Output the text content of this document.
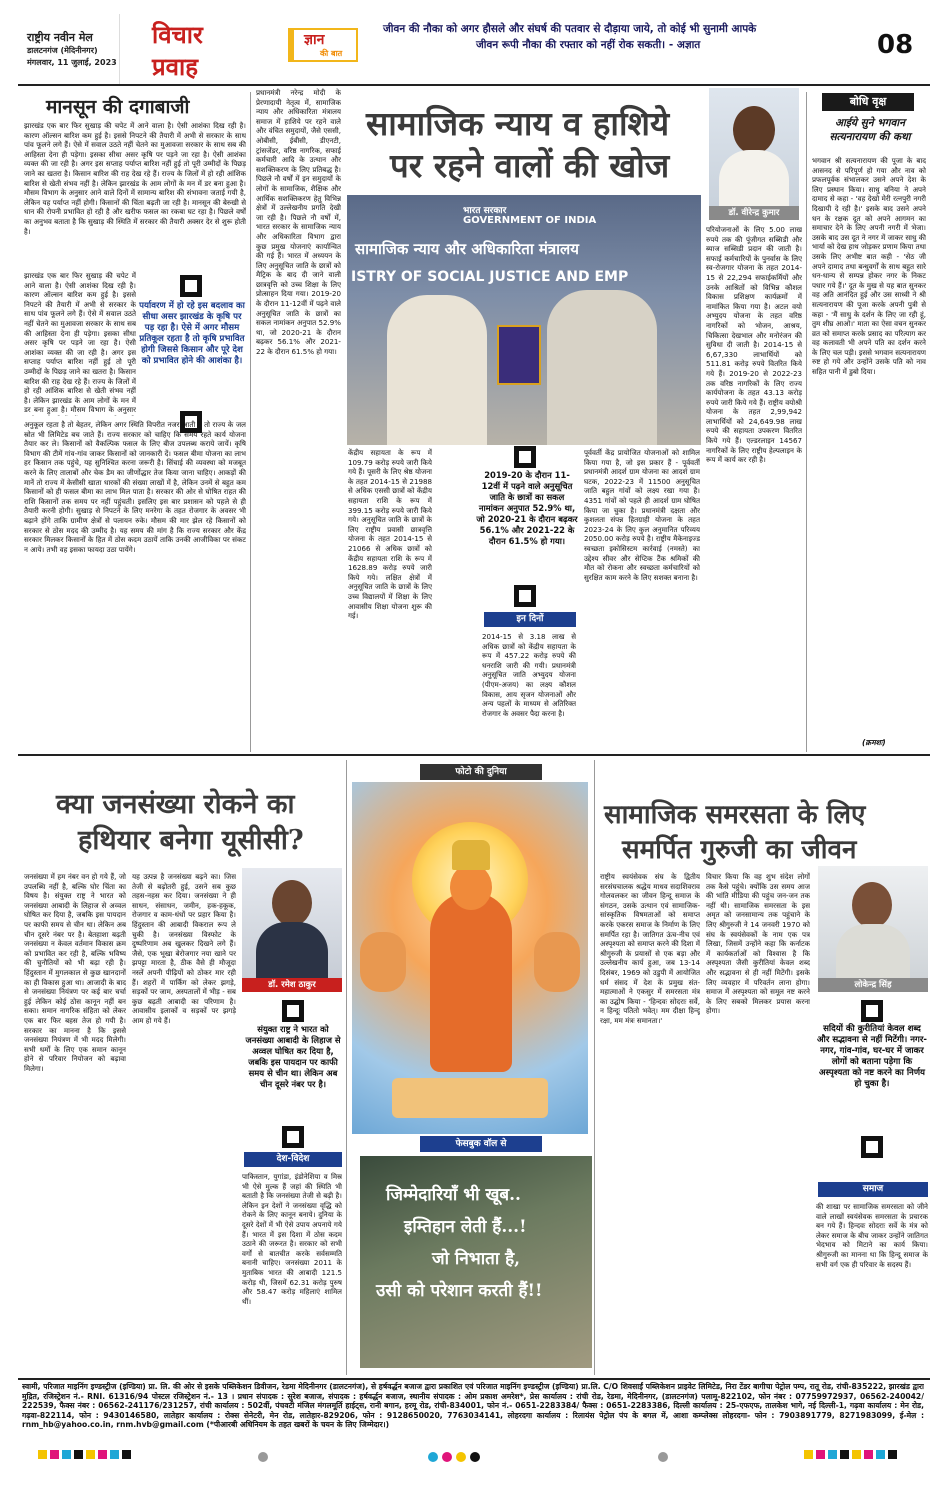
राष्ट्रीय नवीन मेल
डालटनगंज (मेदिनीनगर)
मंगलवार, 11 जुलाई, 2023
विचार
प्रवाह
ज्ञान
की बात
जीवन की नौका को अगर हौसले और संघर्ष की पतवार से दौड़ाया जाये, तो कोई भी सुनामी आपके
जीवन रूपी नौका की रफ्तार को नहीं रोक सकती। - अज्ञात	08
मानसून की दगाबाजी
झारखंड एक बार फिर सुखाड़ की चपेट में आने वाला है। ऐसी आशंका दिख रही है। कारण ऑल्सन बारिश कम हुई है। इससे निपटने की तैयारी में अभी से सरकार के साथ पांव फूलने लगे हैं। ऐसे में सवाल उठते नहीं चेतने का मुआवजा सरकार के साथ सब की आहिस्ता देना ही पड़ेगा। इसका सीधा असर कृषि पर पड़ने जा रहा है। ऐसी आशंका व्यक्त की जा रही है। अगर इस सप्ताह पर्याप्त बारिश नहीं हुई तो पूरी उम्मीदों के पिछड़ जाने का खतरा है। किसान बारिश की राह देख रहे हैं। राज्य के जिलों में हो रही आंशिक बारिश से खेती संभव नहीं है। लेकिन झारखंड के आम लोगों के मन में डर बना हुआ है। मौसम विभाग के अनुसार आने वाले दिनों में सामान्य बारिश की संभावना जताई गयी है, लेकिन यह पर्याप्त नहीं होगी। किसानों की चिंता बढ़ती जा रही है। मानसून की बेरुखी से धान की रोपनी प्रभावित हो रही है और खरीफ फसल का रकबा घट रहा है। पिछले वर्षों का अनुभव बताता है कि सुखाड़ की स्थिति में सरकार की तैयारी अक्सर देर से शुरू होती है।
झारखंड एक बार फिर सुखाड़ की चपेट में आने वाला है। ऐसी आशंका दिख रही है। कारण ऑल्सन बारिश कम हुई है। इससे निपटने की तैयारी में अभी से सरकार के साथ पांव फूलने लगे हैं। ऐसे में सवाल उठते नहीं चेतने का मुआवजा सरकार के साथ सब की आहिस्ता देना ही पड़ेगा। इसका सीधा असर कृषि पर पड़ने जा रहा है। ऐसी आशंका व्यक्त की जा रही है। अगर इस सप्ताह पर्याप्त बारिश नहीं हुई तो पूरी उम्मीदों के पिछड़ जाने का खतरा है। किसान बारिश की राह देख रहे हैं। राज्य के जिलों में हो रही आंशिक बारिश से खेती संभव नहीं है। लेकिन झारखंड के आम लोगों के मन में डर बना हुआ है। मौसम विभाग के अनुसार
पर्यावरण में हो रहे इस बदलाव का सीधा असर झारखंड के कृषि पर पड़ रहा है। ऐसे में अगर मौसम प्रतिकूल रहता है तो कृषि प्रभावित होगी जिससे किसान और पूरे देश को प्रभावित होने की आशंका है।
अनुकूल रहता है तो बेहतर, लेकिन अगर स्थिति विपरीत नजर आती है तो राज्य के जल स्रोत भी लिमिटेड बच जाते हैं। राज्य सरकार को चाहिए कि समय रहते कार्य योजना तैयार कर ले। किसानों को वैकल्पिक फसल के लिए बीज उपलब्ध कराये जायें। कृषि विभाग की टीमें गांव-गांव जाकर किसानों को जानकारी दें। फसल बीमा योजना का लाभ हर किसान तक पहुंचे, यह सुनिश्चित करना जरूरी है। सिंचाई की व्यवस्था को मजबूत करने के लिए तालाबों और चेक डैम का जीर्णोद्धार तेज किया जाना चाहिए। आकड़ों की मानें तो राज्य में केसीसी खाता धारकों की संख्या लाखों में है, लेकिन उनमें से बहुत कम किसानों को ही फसल बीमा का लाभ मिल पाता है। सरकार की ओर से घोषित राहत की राशि किसानों तक समय पर नहीं पहुंचती। इसलिए इस बार प्रशासन को पहले से ही तैयारी करनी होगी। सुखाड़ से निपटने के लिए मनरेगा के तहत रोजगार के अवसर भी बढ़ाने होंगे ताकि ग्रामीण क्षेत्रों से पलायन रुके। मौसम की मार झेल रहे किसानों को सरकार से ठोस मदद की उम्मीद है। यह समय की मांग है कि राज्य सरकार और केंद्र सरकार मिलकर किसानों के हित में ठोस कदम उठायें ताकि उनकी आजीविका पर संकट न आये। तभी वह इसका फायदा उठा पायेंगे।
प्रधानमंत्री नरेन्द्र मोदी के प्रेरणादायी नेतृत्व में, सामाजिक न्याय और अधिकारिता मंत्रालय समाज में हाशिये पर रहने वाले और वंचित समुदायों, जैसे एससी, ओबीसी, ईबीसी, डीएनटी, ट्रांसजेंडर, वरिष्ठ नागरिक, सफाई कर्मचारी आदि के उत्थान और सशक्तिकरण के लिए प्रतिबद्ध है। पिछले नौ वर्षों में इन समुदायों के लोगों के सामाजिक, शैक्षिक और आर्थिक सशक्तिकरण हेतु विभिन्न क्षेत्रों में उल्लेखनीय प्रगति देखी जा रही है। पिछले नौ वर्षों में, भारत सरकार के सामाजिक न्याय और अधिकारिता विभाग द्वारा कुछ प्रमुख योजनाएं कार्यान्वित की गई हैं। भारत में अध्ययन के लिए अनुसूचित जाति के छात्रों को मैट्रिक के बाद दी जाने वाली छात्रवृत्ति को उच्च शिक्षा के लिए प्रोत्साहन दिया गया। 2019-20 के दौरान 11-12वीं में पढ़ने वाले अनुसूचित जाति के छात्रों का सकल नामांकन अनुपात 52.9% था, जो 2020-21 के दौरान बढ़कर 56.1% और 2021-22 के दौरान 61.5% हो गया।
सामाजिक न्याय व हाशिये
पर रहने वालों की खोज
भारत सरकार
GOVERNMENT OF INDIA
सामाजिक न्याय और अधिकारिता मंत्रालय
ISTRY OF SOCIAL JUSTICE AND EMP
केंद्रीय सहायता के रूप में 109.79 करोड़ रुपये जारी किये गये हैं। पूसरी के लिए श्रेष्ठ योजना के तहत 2014-15 से 21988 से अधिक एससी छात्रों को केंद्रीय सहायता राशि के रूप में 399.15 करोड़ रुपये जारी किये गये। अनुसूचित जाति के छात्रों के लिए राष्ट्रीय प्रवासी छात्रवृत्ति योजना के तहत 2014-15 से 21066 से अधिक छात्रों को केंद्रीय सहायता राशि के रूप में 1628.89 करोड़ रुपये जारी किये गये। लक्षित क्षेत्रों में अनुसूचित जाति के छात्रों के लिए उच्च विद्यालयों में शिक्षा के लिए आवासीय शिक्षा योजना शुरू की गई।
2019-20 के दौरान 11-12वीं में पढ़ने वाले अनुसूचित जाति के छात्रों का सकल नामांकन अनुपात 52.9% था, जो 2020-21 के दौरान बढ़कर 56.1% और 2021-22 के दौरान 61.5% हो गया।
इन दिनों
2014-15 से 3.18 लाख से अधिक छात्रों को केंद्रीय सहायता के रूप में 457.22 करोड़ रुपये की धनराशि जारी की गयी। प्रधानमंत्री अनुसूचित जाति अभ्युदय योजना (पीएम-अजय) का लक्ष्य कौशल विकास, आय सृजन योजनाओं और अन्य पहलों के माध्यम से अतिरिक्त रोजगार के अवसर पैदा करना है।
पूर्ववर्ती केंद्र प्रायोजित योजनाओं को शामिल किया गया है, जो इस प्रकार हैं - पूर्ववर्ती प्रधानमंत्री आदर्श ग्राम योजना का आदर्श ग्राम घटक, 2022-23 में 11500 अनुसूचित जाति बहुल गांवों को लक्ष्य रखा गया है। 4351 गांवों को पहले ही आदर्श ग्राम घोषित किया जा चुका है। प्रधानमंत्री दक्षता और कुशलता संपन्न हितग्राही योजना के तहत 2023-24 के लिए कुल अनुमानित परिव्यय 2050.00 करोड़ रुपये है। राष्ट्रीय मैकेनाइज्ड स्वच्छता इकोसिस्टम कार्रवाई (नमस्ते) का उद्देश्य सीवर और सेप्टिक टैंक श्रमिकों की मौत को रोकना और स्वच्छता कर्मचारियों को सुरक्षित काम करने के लिए सशक्त बनाना है।
डॉ. वीरेन्द्र कुमार
परियोजनाओं के लिए 5.00 लाख रुपये तक की पूंजीगत सब्सिडी और ब्याज सब्सिडी प्रदान की जाती है। सफाई कर्मचारियों के पुनर्वास के लिए स्व-रोजगार योजना के तहत 2014-15 से 22,294 सफाईकर्मियों और उनके आश्रितों को विभिन्न कौशल विकास प्रशिक्षण कार्यक्रमों में नामांकित किया गया है। अटल वयो अभ्युदय योजना के तहत वरिष्ठ नागरिकों को भोजन, आश्रय, चिकित्सा देखभाल और मनोरंजन की सुविधा दी जाती है। 2014-15 से 6,67,330 लाभार्थियों को 511.81 करोड़ रुपये वितरित किये गये हैं। 2019-20 से 2022-23 तक वरिष्ठ नागरिकों के लिए राज्य कार्ययोजना के तहत 43.13 करोड़ रुपये जारी किये गये हैं। राष्ट्रीय वयोश्री योजना के तहत 2,99,942 लाभार्थियों को 24,649.98 लाख रुपये की सहायता उपकरण वितरित किये गये हैं। एल्डरलाइन 14567 नागरिकों के लिए राष्ट्रीय हेल्पलाइन के रूप में कार्य कर रही है।
बोधि वृक्ष
आईये सुने भगवान सत्यनारायण की कथा
भगवान श्री सत्यनारायण की पूजा के बाद आसनद से परिपूर्ण हो गया और नाव को प्रफलपूर्वक संभालकर उसने अपने देश के लिए प्रस्थान किया। साधु बनिया ने अपने दामाद से कहा - 'वह देखो मेरी रत्नपुरी नगरी दिखायी दे रही है।' इसके बाद उसने अपने धन के रक्षक दूत को अपने आगमन का समाचार देने के लिए अपनी नगरी में भेजा। उसके बाद उस दूत ने नगर में जाकर साधु की भार्या को देख हाथ जोड़कर प्रणाम किया तथा उसके लिए अभीष्ट बात कही - 'सेठ जी अपने दामाद तथा बन्धुवर्गों के साथ बहुत सारे धन-धान्य से सम्पन्न होकर नगर के निकट पधार गये हैं।' दूत के मुख से यह बात सुनकर वह अति आनंदित हुई और उस साध्वी ने श्री सत्यनारायण की पूजा करके अपनी पुत्री से कहा - 'मैं साधु के दर्शन के लिए जा रही हूं, तुम शीघ्र आओ।' माता का ऐसा वचन सुनकर व्रत को समाप्त करके प्रसाद का परित्याग कर वह कलावती भी अपने पति का दर्शन करने के लिए चल पड़ी। इससे भगवान सत्यनारायण रुष्ट हो गये और उन्होंने उसके पति को नाव सहित पानी में डुबो दिया।
(क्रमशः)
क्या जनसंख्या रोकने का
हथियार बनेगा यूसीसी?
जनसंख्या में हम नंबर वन हो गये हैं, जो उपलब्धि नहीं है, बल्कि घोर चिंता का विषय है। संयुक्त राष्ट्र ने भारत को जनसंख्या आबादी के लिहाज से अव्वल घोषित कर दिया है, जबकि इस पायदान पर काफी समय से चीन था। लेकिन अब चीन दूसरे नंबर पर है। बेतहाशा बढ़ती जनसंख्या न केवल वर्तमान विकास क्रम को प्रभावित कर रही है, बल्कि भविष्य की चुनौतियों को भी बढ़ा रही है। हिंदुस्तान में मुगलकाल से कुछ खानदानों का ही विकास हुआ था। आजादी के बाद से जनसंख्या नियंत्रण पर कई बार चर्चा हुई लेकिन कोई ठोस कानून नहीं बन सका। समान नागरिक संहिता को लेकर एक बार फिर बहस तेज हो गयी है। सरकार का मानना है कि इससे जनसंख्या नियंत्रण में भी मदद मिलेगी। सभी धर्मों के लिए एक समान कानून होने से परिवार नियोजन को बढ़ावा मिलेगा।
यह उत्पन्न है जनसंख्या बढ़ने का। जिस तेजी से बढ़ोतरी हुई, उसने सब कुछ तहस-नहस कर दिया। जनसंख्या ने ही साधन, संसाधन, जमीन, हक-हकूक, रोजगार व काम-धंधों पर प्रहार किया है। हिंदुस्तान की आबादी विकराल रूप ले चुकी है। जनसंख्या विस्फोट के दुष्परिणाम अब खुलकर दिखने लगे हैं। जैसे, एक भूखा बेरोजगार नया खाने पर झपट्टा मारता है, ठीक वैसे ही मौजूदा नस्लें अपनी पीढ़ियों को ठोकर मार रही हैं। शहरों में पार्किंग को लेकर झगड़े, सड़कों पर जाम, अस्पतालों में भीड़ - सब कुछ बढ़ती आबादी का परिणाम है। आवासीय इलाकों व सड़कों पर झगड़े आम हो गये हैं।
डॉ. रमेश ठाकुर
संयुक्त राष्ट्र ने भारत को जनसंख्या आबादी के लिहाज से अव्वल घोषित कर दिया है, जबकि इस पायदान पर काफी समय से चीन था। लेकिन अब चीन दूसरे नंबर पर है।
देश-विदेश
पाकिस्तान, युगांडा, इंडोनेशिया व मिस्र भी ऐसे मुल्क हैं जहां की स्थिति भी बताती है कि जनसंख्या तेजी से बढ़ी है। लेकिन इन देशों ने जनसंख्या वृद्धि को रोकने के लिए कानून बनाये। दुनिया के दूसरे देशों में भी ऐसे उपाय अपनाये गये हैं। भारत में इस दिशा में ठोस कदम उठाने की जरूरत है। सरकार को सभी वर्गों से बातचीत करके सर्वसम्मति बनानी चाहिए। जनसंख्या 2011 के मुताबिक भारत की आबादी 121.5 करोड़ थी, जिसमें 62.31 करोड़ पुरुष और 58.47 करोड़ महिलाएं शामिल थीं।
फोटो की दुनिया
फेसबुक वॉल से
जिम्मेदारियाँ भी खूब..
इम्तिहान लेती हैं...!
जो निभाता है,
उसी को परेशान करती हैं!!
सामाजिक समरसता के लिए
समर्पित गुरुजी का जीवन
राष्ट्रीय स्वयंसेवक संघ के द्वितीय सरसंघचालक श्रद्धेय माधव सदाशिवराव गोलवलकर का जीवन हिन्दू समाज के संगठन, उसके उत्थान एवं सामाजिक-सांस्कृतिक विषमताओं को समाप्त करके एकरस समाज के निर्माण के लिए समर्पित रहा है। जातिगत ऊंच-नीच एवं अस्पृश्यता को समाप्त करने की दिशा में श्रीगुरुजी के प्रयासों से एक बड़ा और उल्लेखनीय कार्य हुआ, जब 13-14 दिसंबर, 1969 को उडुपी में आयोजित धर्म संसद में देश के प्रमुख संत-महात्माओं ने एकसुर में समरसता मंत्र का उद्घोष किया - 'हिन्दवः सोदराः सर्वे, न हिन्दूः पतितो भवेत्। मम दीक्षा हिन्दू रक्षा, मम मंत्रः समानता।'
विचार किया कि वह शुभ संदेश लोगों तक कैसे पहुंचे। क्योंकि उस समय आज की भांति मीडिया की पहुंच जन-जन तक नहीं थी। सामाजिक समरसता के इस अमृत को जनसामान्य तक पहुंचाने के लिए श्रीगुरुजी ने 14 जनवरी 1970 को संघ के स्वयंसेवकों के नाम एक पत्र लिखा, जिसमें उन्होंने कहा कि कर्नाटक में कार्यकर्ताओं को विश्वास है कि अस्पृश्यता जैसी कुरीतियां केवल शब्द और सद्भावना से ही नहीं मिटेंगी। इसके लिए व्यवहार में परिवर्तन लाना होगा। समाज में अस्पृश्यता को समूल नष्ट करने के लिए सबको मिलकर प्रयास करना होगा।
लोकेन्द्र सिंह
सदियों की कुरीतियां केवल शब्द और सद्भावना से नहीं मिटेंगी। नगर-नगर, गांव-गांव, घर-घर में जाकर लोगों को बताना पड़ेगा कि अस्पृश्यता को नष्ट करने का निर्णय हो चुका है।
समाज
की शाखा पर सामाजिक समरसता को जीने वाले लाखों स्वयंसेवक समरसता के प्रचारक बन गये हैं। हिन्दवः सोदराः सर्वे के मंत्र को लेकर समाज के बीच जाकर उन्होंने जातिगत भेदभाव को मिटाने का कार्य किया। श्रीगुरुजी का मानना था कि हिन्दू समाज के सभी वर्ग एक ही परिवार के सदस्य हैं।
स्वामी, परिजात माइनिंग इण्डस्ट्रीज (इण्डिया) प्रा. लि. की ओर से इसके पब्लिकेशन डिवीजन, रेडमा मेदिनीनगर (डालटनगंज), से हर्षवर्द्धन बजाज द्वारा प्रकाशित एवं परिजात माइनिंग इण्डस्ट्रीज (इण्डिया) प्रा.लि. C/O शिवसाईं पब्लिकेशन प्राइवेट लिमिटेड, निरा टेंडर बागीचा पेट्रोल पम्प, रातू रोड, रांची-835222, झारखंड द्वारा मुद्रित, रजिस्ट्रेशन नं.- RNI. 61316/94 पोस्टल रजिस्ट्रेशन नं.- 13 । प्रधान संपादक : सुरेश बजाज, संपादक : हर्षवर्द्धन बजाज, स्थानीय संपादक : ओम प्रकाश अमरेश*, प्रेस कार्यालय : रांची रोड, रेडमा, मेदिनीनगर, (डालटनगंज) पलामू-822102, फोन नंबर : 07759972937, 06562-240042/ 222539, फैक्स नंबर : 06562-241176/231257, रांची कार्यालय : 502वीं, पंचवटी मंजिल मंगलमूर्ति हाईट्स, रानी बगान, हरमू रोड, रांची-834001, फोन नं.- 0651-2283384/ फैक्स : 0651-2283386, दिल्ली कार्यालय : 25-एफएफ, तालकेश भागे, नई दिल्ली-1, गढ़वा कार्यालय : मेन रोड, गढ़वा-822114, फोन : 9430146580, लातेहार कार्यालय : रोक्स सेनेटरी, मेन रोड, लातेहार-829206, फोन : 9128650020, 7763034141, लोहरदगा कार्यालय : रिलायंस पेट्रोल पंप के बगल में, आशा कम्प्लेक्स लोहरदगा- फोन : 7903891779, 8271983099, ई-मेल : rnm_hb@yahoo.co.in, rnm.hvb@gmail.com (*पीआरबी अधिनियम के तहत खबरों के चयन के लिए जिम्मेदार।)
